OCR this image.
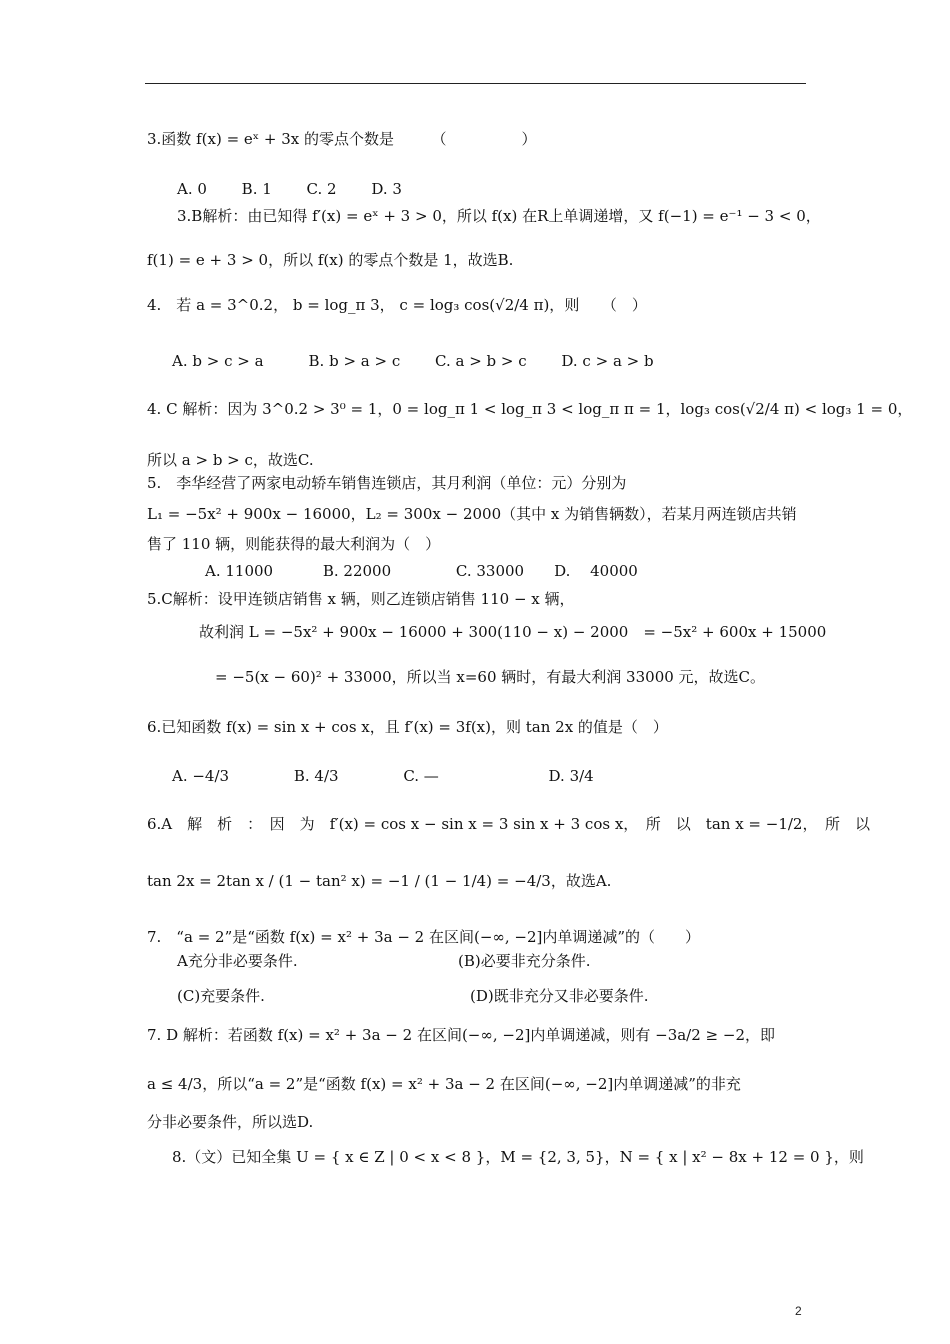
3.函数 f(x) = eˣ + 3x 的零点个数是　　　（　　　　　）
A. 0　　 B. 1　　 C. 2　　 D. 3
3.B解析：由已知得 f′(x) = eˣ + 3 > 0，所以 f(x) 在R上单调递增，又 f(−1) = e⁻¹ − 3 < 0，
f(1) = e + 3 > 0，所以 f(x) 的零点个数是 1，故选B.
4.　若 a = 3^0.2， b = log_π 3， c = log₃ cos(√2/4 π)，则　　（　）
A. b > c > a　　　B. b > a > c　　 C. a > b > c　　 D. c > a > b
4. C 解析：因为 3^0.2 > 3⁰ = 1，0 = log_π 1 < log_π 3 < log_π π = 1，log₃ cos(√2/4 π) < log₃ 1 = 0，
所以 a > b > c，故选C.
5.　李华经营了两家电动轿车销售连锁店，其月利润（单位：元）分别为
L₁ = −5x² + 900x − 16000，L₂ = 300x − 2000（其中 x 为销售辆数），若某月两连锁店共销
售了 110 辆，则能获得的最大利润为（　）
A. 11000　　　 B. 22000　　　　 C. 33000　　D.　 40000
5.C解析：设甲连锁店销售 x 辆，则乙连锁店销售 110 − x 辆，
故利润 L = −5x² + 900x − 16000 + 300(110 − x) − 2000　= −5x² + 600x + 15000
= −5(x − 60)² + 33000，所以当 x=60 辆时，有最大利润 33000 元，故选C。
6.已知函数 f(x) = sin x + cos x，且 f′(x) = 3f(x)，则 tan 2x 的值是（　）
A. −4/3　　　　 B. 4/3　　　　 C. —　　　　　　　 D. 3/4
6.A　解　析　：　因　为　f′(x) = cos x − sin x = 3 sin x + 3 cos x，　所　以　tan x = −1/2，　所　以
tan 2x = 2tan x / (1 − tan² x) = −1 / (1 − 1/4) = −4/3，故选A.
7.　“a = 2”是“函数 f(x) = x² + 3a − 2 在区间(−∞, −2]内单调递减”的（　　）
A充分非必要条件.	(B)必要非充分条件.
(C)充要条件.	(D)既非充分又非必要条件.
7. D 解析：若函数 f(x) = x² + 3a − 2 在区间(−∞, −2]内单调递减，则有 −3a/2 ≥ −2，即
a ≤ 4/3，所以“a = 2”是“函数 f(x) = x² + 3a − 2 在区间(−∞, −2]内单调递减”的非充
分非必要条件，所以选D.
8.（文）已知全集 U = { x ∈ Z | 0 < x < 8 }，M = {2, 3, 5}，N = { x | x² − 8x + 12 = 0 }，则
2
